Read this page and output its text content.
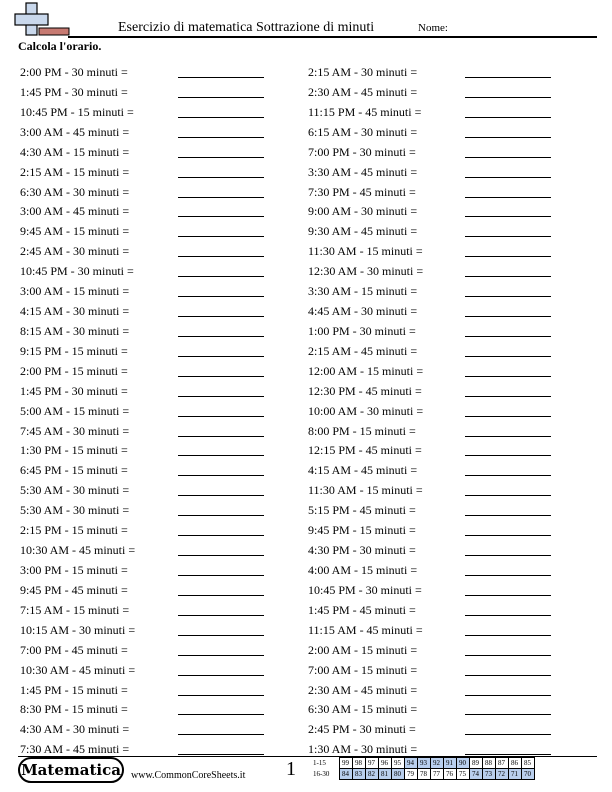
Esercizio di matematica Sottrazione di minuti	Nome:
Calcola l'orario.
2:00 PM - 30 minuti =
1:45 PM - 30 minuti =
10:45 PM - 15 minuti =
3:00 AM - 45 minuti =
4:30 AM - 15 minuti =
2:15 AM - 15 minuti =
6:30 AM - 30 minuti =
3:00 AM - 45 minuti =
9:45 AM - 15 minuti =
2:45 AM - 30 minuti =
10:45 PM - 30 minuti =
3:00 AM - 15 minuti =
4:15 AM - 30 minuti =
8:15 AM - 30 minuti =
9:15 PM - 15 minuti =
2:00 PM - 15 minuti =
1:45 PM - 30 minuti =
5:00 AM - 15 minuti =
7:45 AM - 30 minuti =
1:30 PM - 15 minuti =
6:45 PM - 15 minuti =
5:30 AM - 30 minuti =
5:30 AM - 30 minuti =
2:15 PM - 15 minuti =
10:30 AM - 45 minuti =
3:00 PM - 15 minuti =
9:45 PM - 45 minuti =
7:15 AM - 15 minuti =
10:15 AM - 30 minuti =
7:00 PM - 45 minuti =
10:30 AM - 45 minuti =
1:45 PM - 15 minuti =
8:30 PM - 15 minuti =
4:30 AM - 30 minuti =
7:30 AM - 45 minuti =
2:15 AM - 30 minuti =
2:30 AM - 45 minuti =
11:15 PM - 45 minuti =
6:15 AM - 30 minuti =
7:00 PM - 30 minuti =
3:30 AM - 45 minuti =
7:30 PM - 45 minuti =
9:00 AM - 30 minuti =
9:30 AM - 45 minuti =
11:30 AM - 15 minuti =
12:30 AM - 30 minuti =
3:30 AM - 15 minuti =
4:45 AM - 30 minuti =
1:00 PM - 30 minuti =
2:15 AM - 45 minuti =
12:00 AM - 15 minuti =
12:30 PM - 45 minuti =
10:00 AM - 30 minuti =
8:00 PM - 15 minuti =
12:15 PM - 45 minuti =
4:15 AM - 45 minuti =
11:30 AM - 15 minuti =
5:15 PM - 45 minuti =
9:45 PM - 15 minuti =
4:30 PM - 30 minuti =
4:00 AM - 15 minuti =
10:45 PM - 30 minuti =
1:45 PM - 45 minuti =
11:15 AM - 45 minuti =
2:00 AM - 15 minuti =
7:00 AM - 15 minuti =
2:30 AM - 45 minuti =
6:30 AM - 15 minuti =
2:45 PM - 30 minuti =
1:30 AM - 30 minuti =
Matematica	www.CommonCoreSheets.it 1 1-15	99	98	97	96	95	94	93	92	91	90	89	88	87	86	85
16-30	84	83	82	81	80	79	78	77	76	75	74	73	72	71	70
